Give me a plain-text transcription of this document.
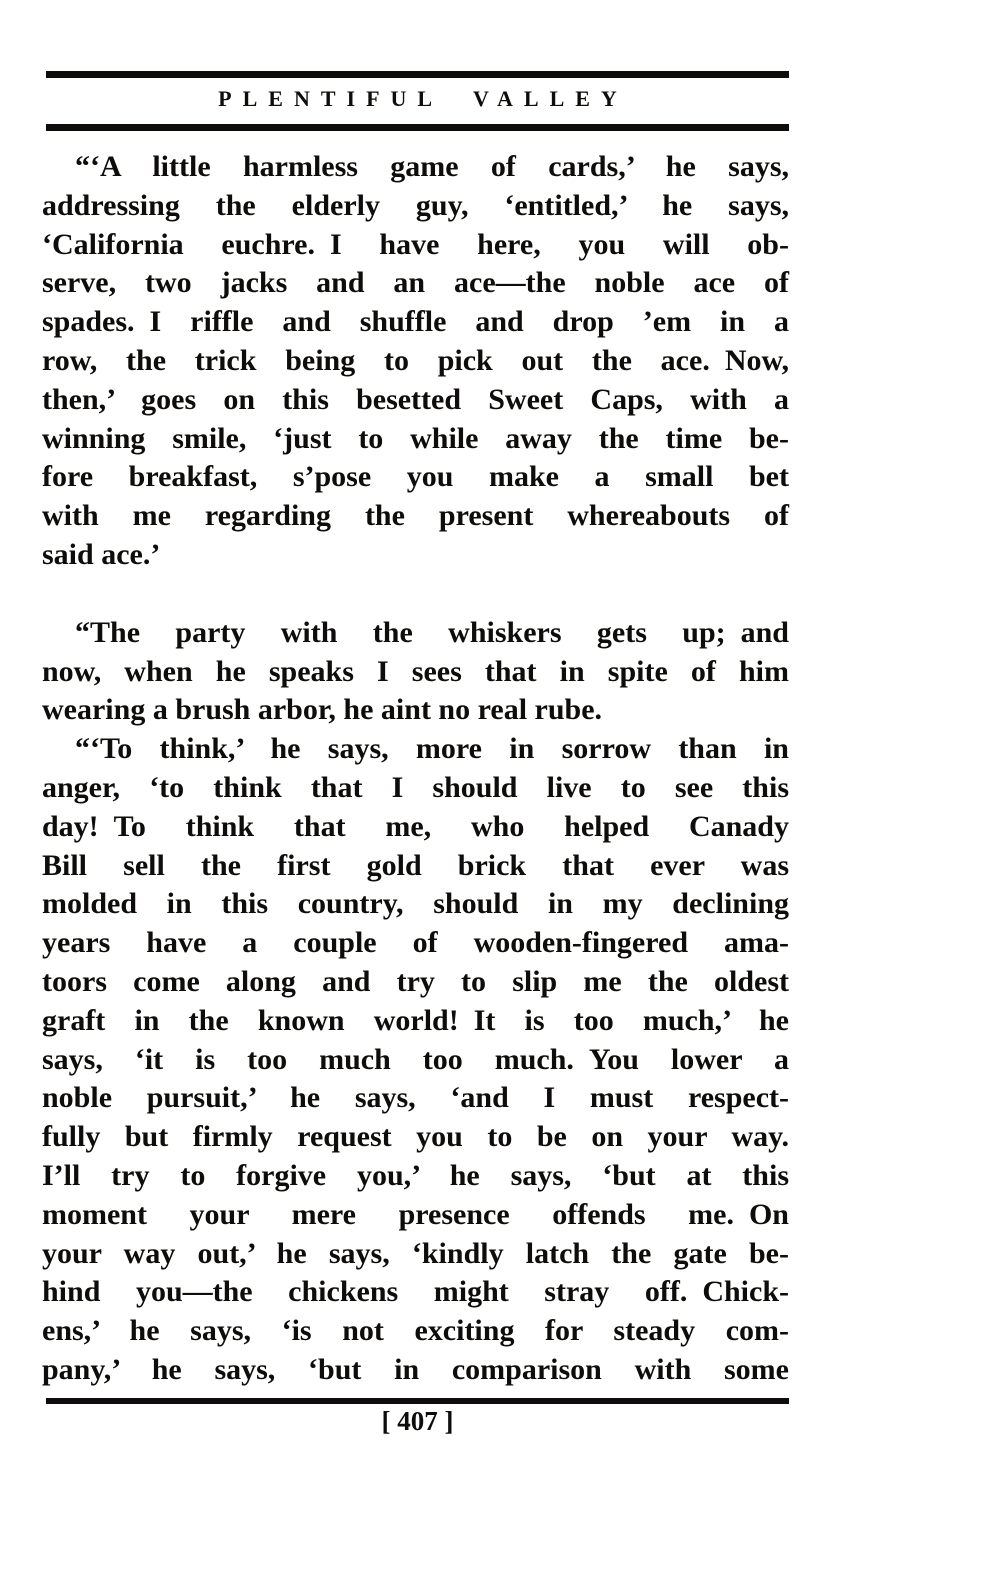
PLENTIFUL VALLEY
“‘A little harmless game of cards,’ he says,
addressing the elderly guy, ‘entitled,’ he says,
‘California euchre. I have here, you will ob-
serve, two jacks and an ace—the noble ace of
spades. I riffle and shuffle and drop ’em in a
row, the trick being to pick out the ace. Now,
then,’ goes on this besetted Sweet Caps, with a
winning smile, ‘just to while away the time be-
fore breakfast, s’pose you make a small bet
with me regarding the present whereabouts of
said ace.’
“The party with the whiskers gets up; and
now, when he speaks I sees that in spite of him
wearing a brush arbor, he aint no real rube.
“‘To think,’ he says, more in sorrow than in
anger, ‘to think that I should live to see this
day! To think that me, who helped Canady
Bill sell the first gold brick that ever was
molded in this country, should in my declining
years have a couple of wooden-fingered ama-
toors come along and try to slip me the oldest
graft in the known world! It is too much,’ he
says, ‘it is too much too much. You lower a
noble pursuit,’ he says, ‘and I must respect-
fully but firmly request you to be on your way.
I’ll try to forgive you,’ he says, ‘but at this
moment your mere presence offends me. On
your way out,’ he says, ‘kindly latch the gate be-
hind you—the chickens might stray off. Chick-
ens,’ he says, ‘is not exciting for steady com-
pany,’ he says, ‘but in comparison with some
[ 407 ]
